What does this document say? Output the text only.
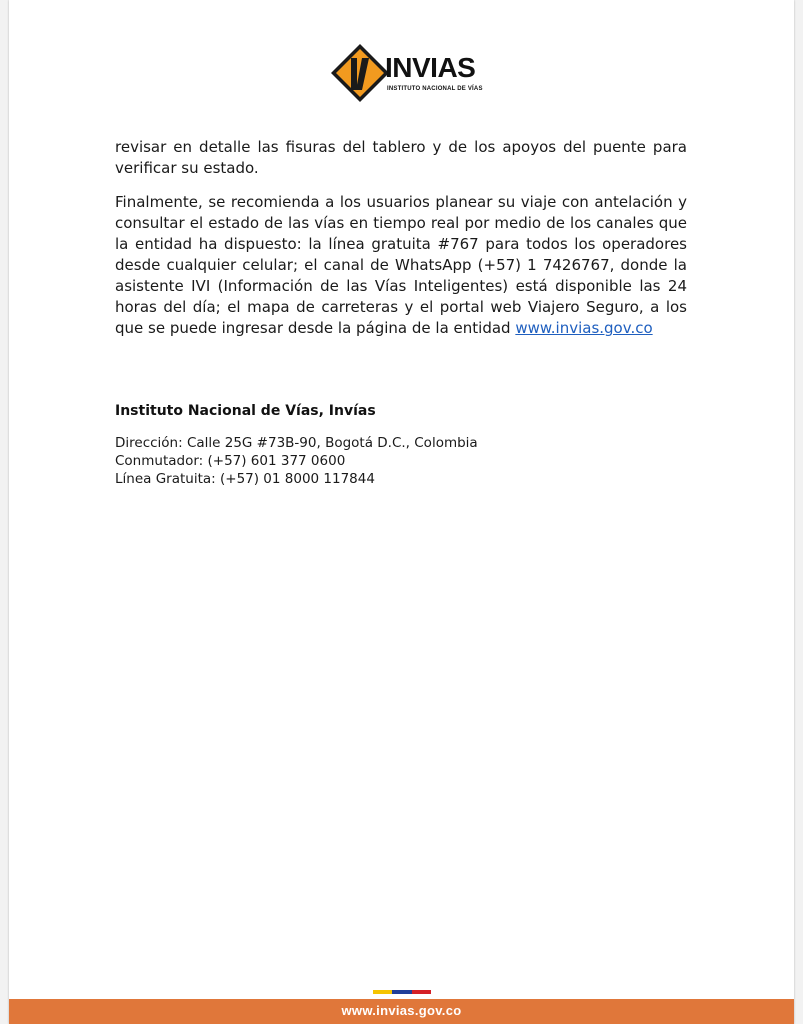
INVIAS
INSTITUTO NACIONAL DE VÍAS

revisar en detalle las fisuras del tablero y de los apoyos del puente para verificar su estado.

Finalmente, se recomienda a los usuarios planear su viaje con antelación y consultar el estado de las vías en tiempo real por medio de los canales que la entidad ha dispuesto: la línea gratuita #767 para todos los operadores desde cualquier celular; el canal de WhatsApp (+57) 1 7426767, donde la asistente IVI (Información de las Vías Inteligentes) está disponible las 24 horas del día; el mapa de carreteras y el portal web Viajero Seguro, a los que se puede ingresar desde la página de la entidad www.invias.gov.co

Instituto Nacional de Vías, Invías
Dirección: Calle 25G #73B-90, Bogotá D.C., Colombia
Conmutador: (+57) 601 377 0600
Línea Gratuita: (+57) 01 8000 117844
www.invias.gov.co
